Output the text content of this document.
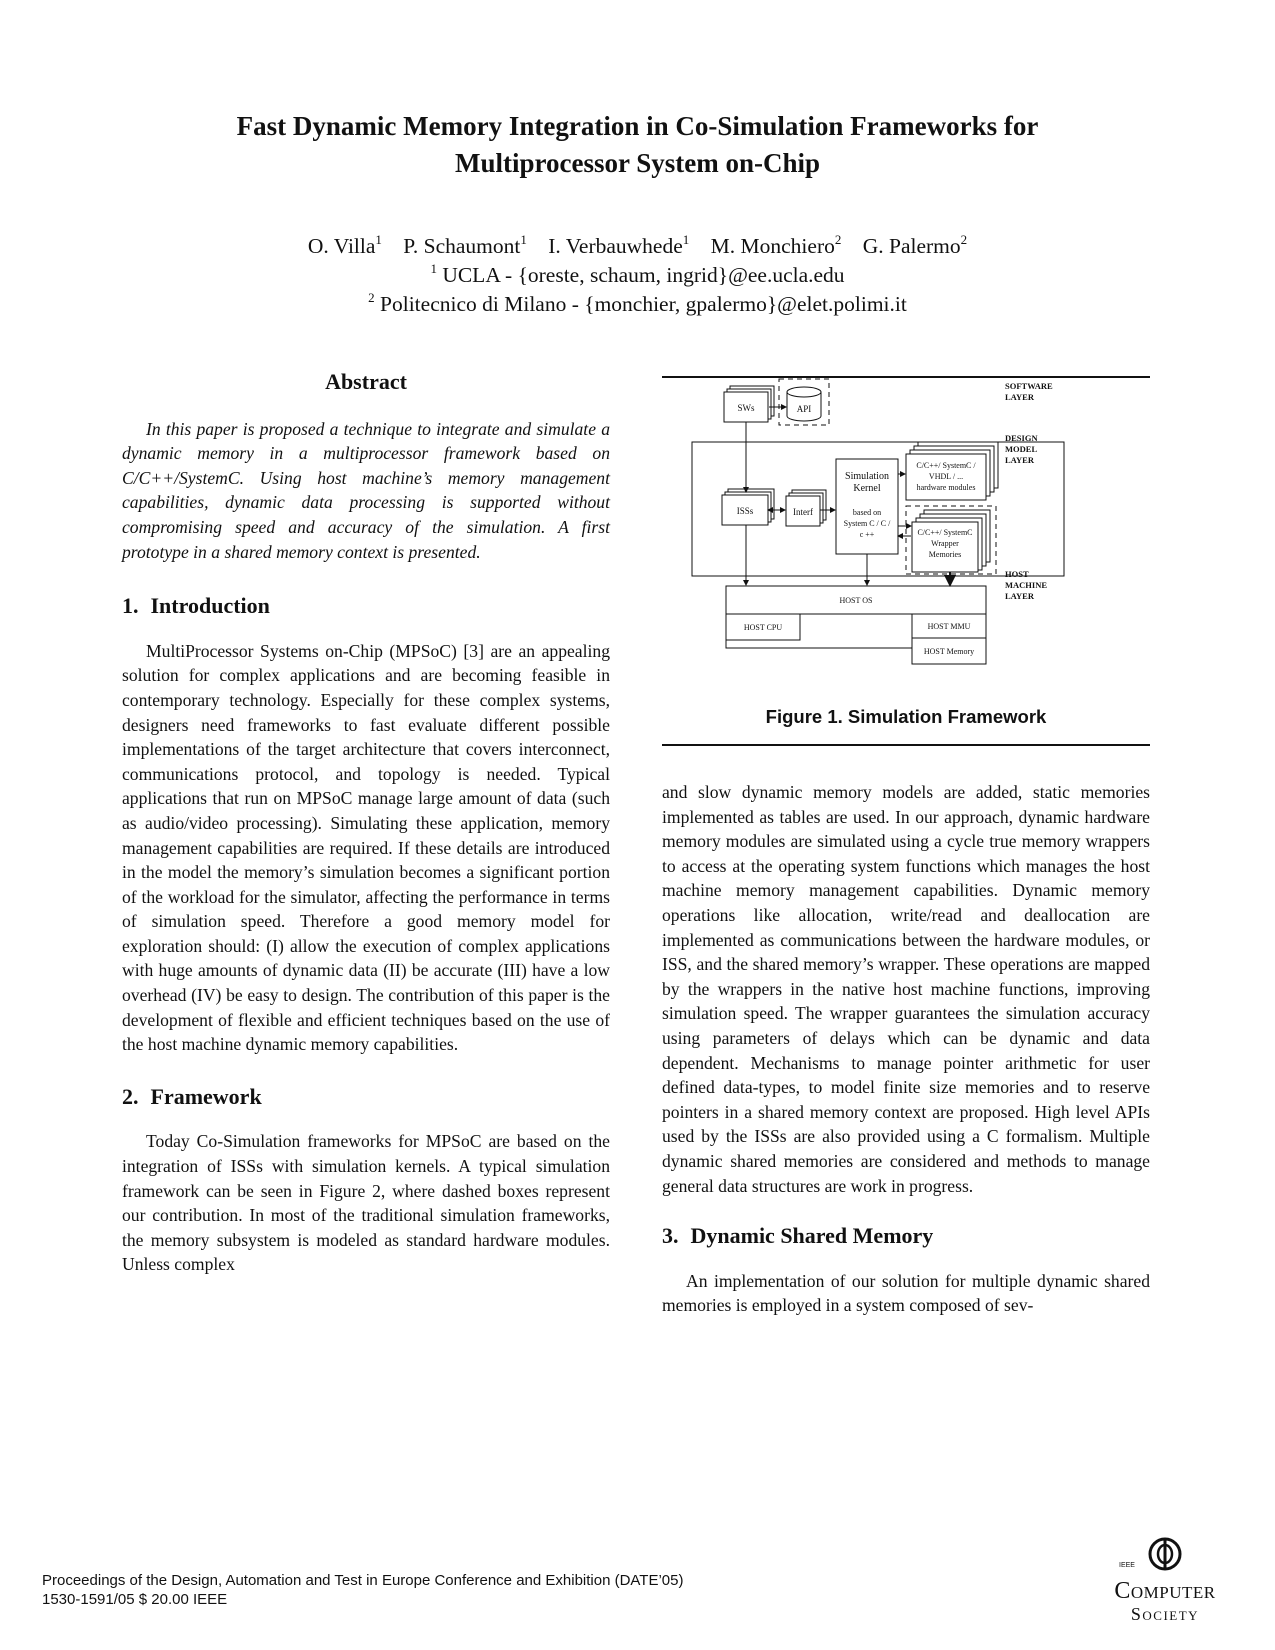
Fast Dynamic Memory Integration in Co-Simulation Frameworks for
Multiprocessor System on-Chip
O. Villa$^1$ P. Schaumont$^1$ I. Verbauwhede$^1$ M. Monchiero$^2$ G. Palermo$^2$
$^1$ UCLA - {oreste, schaum, ingrid}@ee.ucla.edu
$^2$ Politecnico di Milano - {monchier, gpalermo}@elet.polimi.it
Abstract

In this paper is proposed a technique to integrate and simulate a dynamic memory in a multiprocessor framework based on C/C++/SystemC. Using host machine’s memory management capabilities, dynamic data processing is supported without compromising speed and accuracy of the simulation. A first prototype in a shared memory context is presented.

1. Introduction

MultiProcessor Systems on-Chip (MPSoC) [3] are an appealing solution for complex applications and are becoming feasible in contemporary technology. Especially for these complex systems, designers need frameworks to fast evaluate different possible implementations of the target architecture that covers interconnect, communications protocol, and topology is needed. Typical applications that run on MPSoC manage large amount of data (such as audio/video processing). Simulating these application, memory management capabilities are required. If these details are introduced in the model the memory’s simulation becomes a significant portion of the workload for the simulator, affecting the performance in terms of simulation speed. Therefore a good memory model for exploration should: (I) allow the execution of complex applications with huge amounts of dynamic data (II) be accurate (III) have a low overhead (IV) be easy to design. The contribution of this paper is the development of flexible and efficient techniques based on the use of the host machine dynamic memory capabilities.

2. Framework

Today Co-Simulation frameworks for MPSoC are based on the integration of ISSs with simulation kernels. A typical simulation framework can be seen in Figure 2, where dashed boxes represent our contribution. In most of the traditional simulation frameworks, the memory subsystem is modeled as standard hardware modules. Unless complex

SWs	API
ISSs	Interf
Simulation
Kernel
based on
System C / C /
c ++
C/C++/ SystemC /
VHDL / ...
hardware modules
C/C++/ SystemC
Wrapper
Memories
HOST OS
HOST CPU	HOST MMU
HOST Memory
SOFTWARE
LAYER
DESIGN
MODEL
LAYER
HOST
MACHINE
LAYER
Figure 1. Simulation Framework

and slow dynamic memory models are added, static memories implemented as tables are used. In our approach, dynamic hardware memory modules are simulated using a cycle true memory wrappers to access at the operating system functions which manages the host machine memory management capabilities. Dynamic memory operations like allocation, write/read and deallocation are implemented as communications between the hardware modules, or ISS, and the shared memory’s wrapper. These operations are mapped by the wrappers in the native host machine functions, improving simulation speed. The wrapper guarantees the simulation accuracy using parameters of delays which can be dynamic and data dependent. Mechanisms to manage pointer arithmetic for user defined data-types, to model finite size memories and to reserve pointers in a shared memory context are proposed. High level APIs used by the ISSs are also provided using a C formalism. Multiple dynamic shared memories are considered and methods to manage general data structures are work in progress.

3. Dynamic Shared Memory

An implementation of our solution for multiple dynamic shared memories is employed in a system composed of sev-

Proceedings of the Design, Automation and Test in Europe Conference and Exhibition (DATE’05)
1530-1591/05 $ 20.00 IEEE
IEEE
Computer
Society
